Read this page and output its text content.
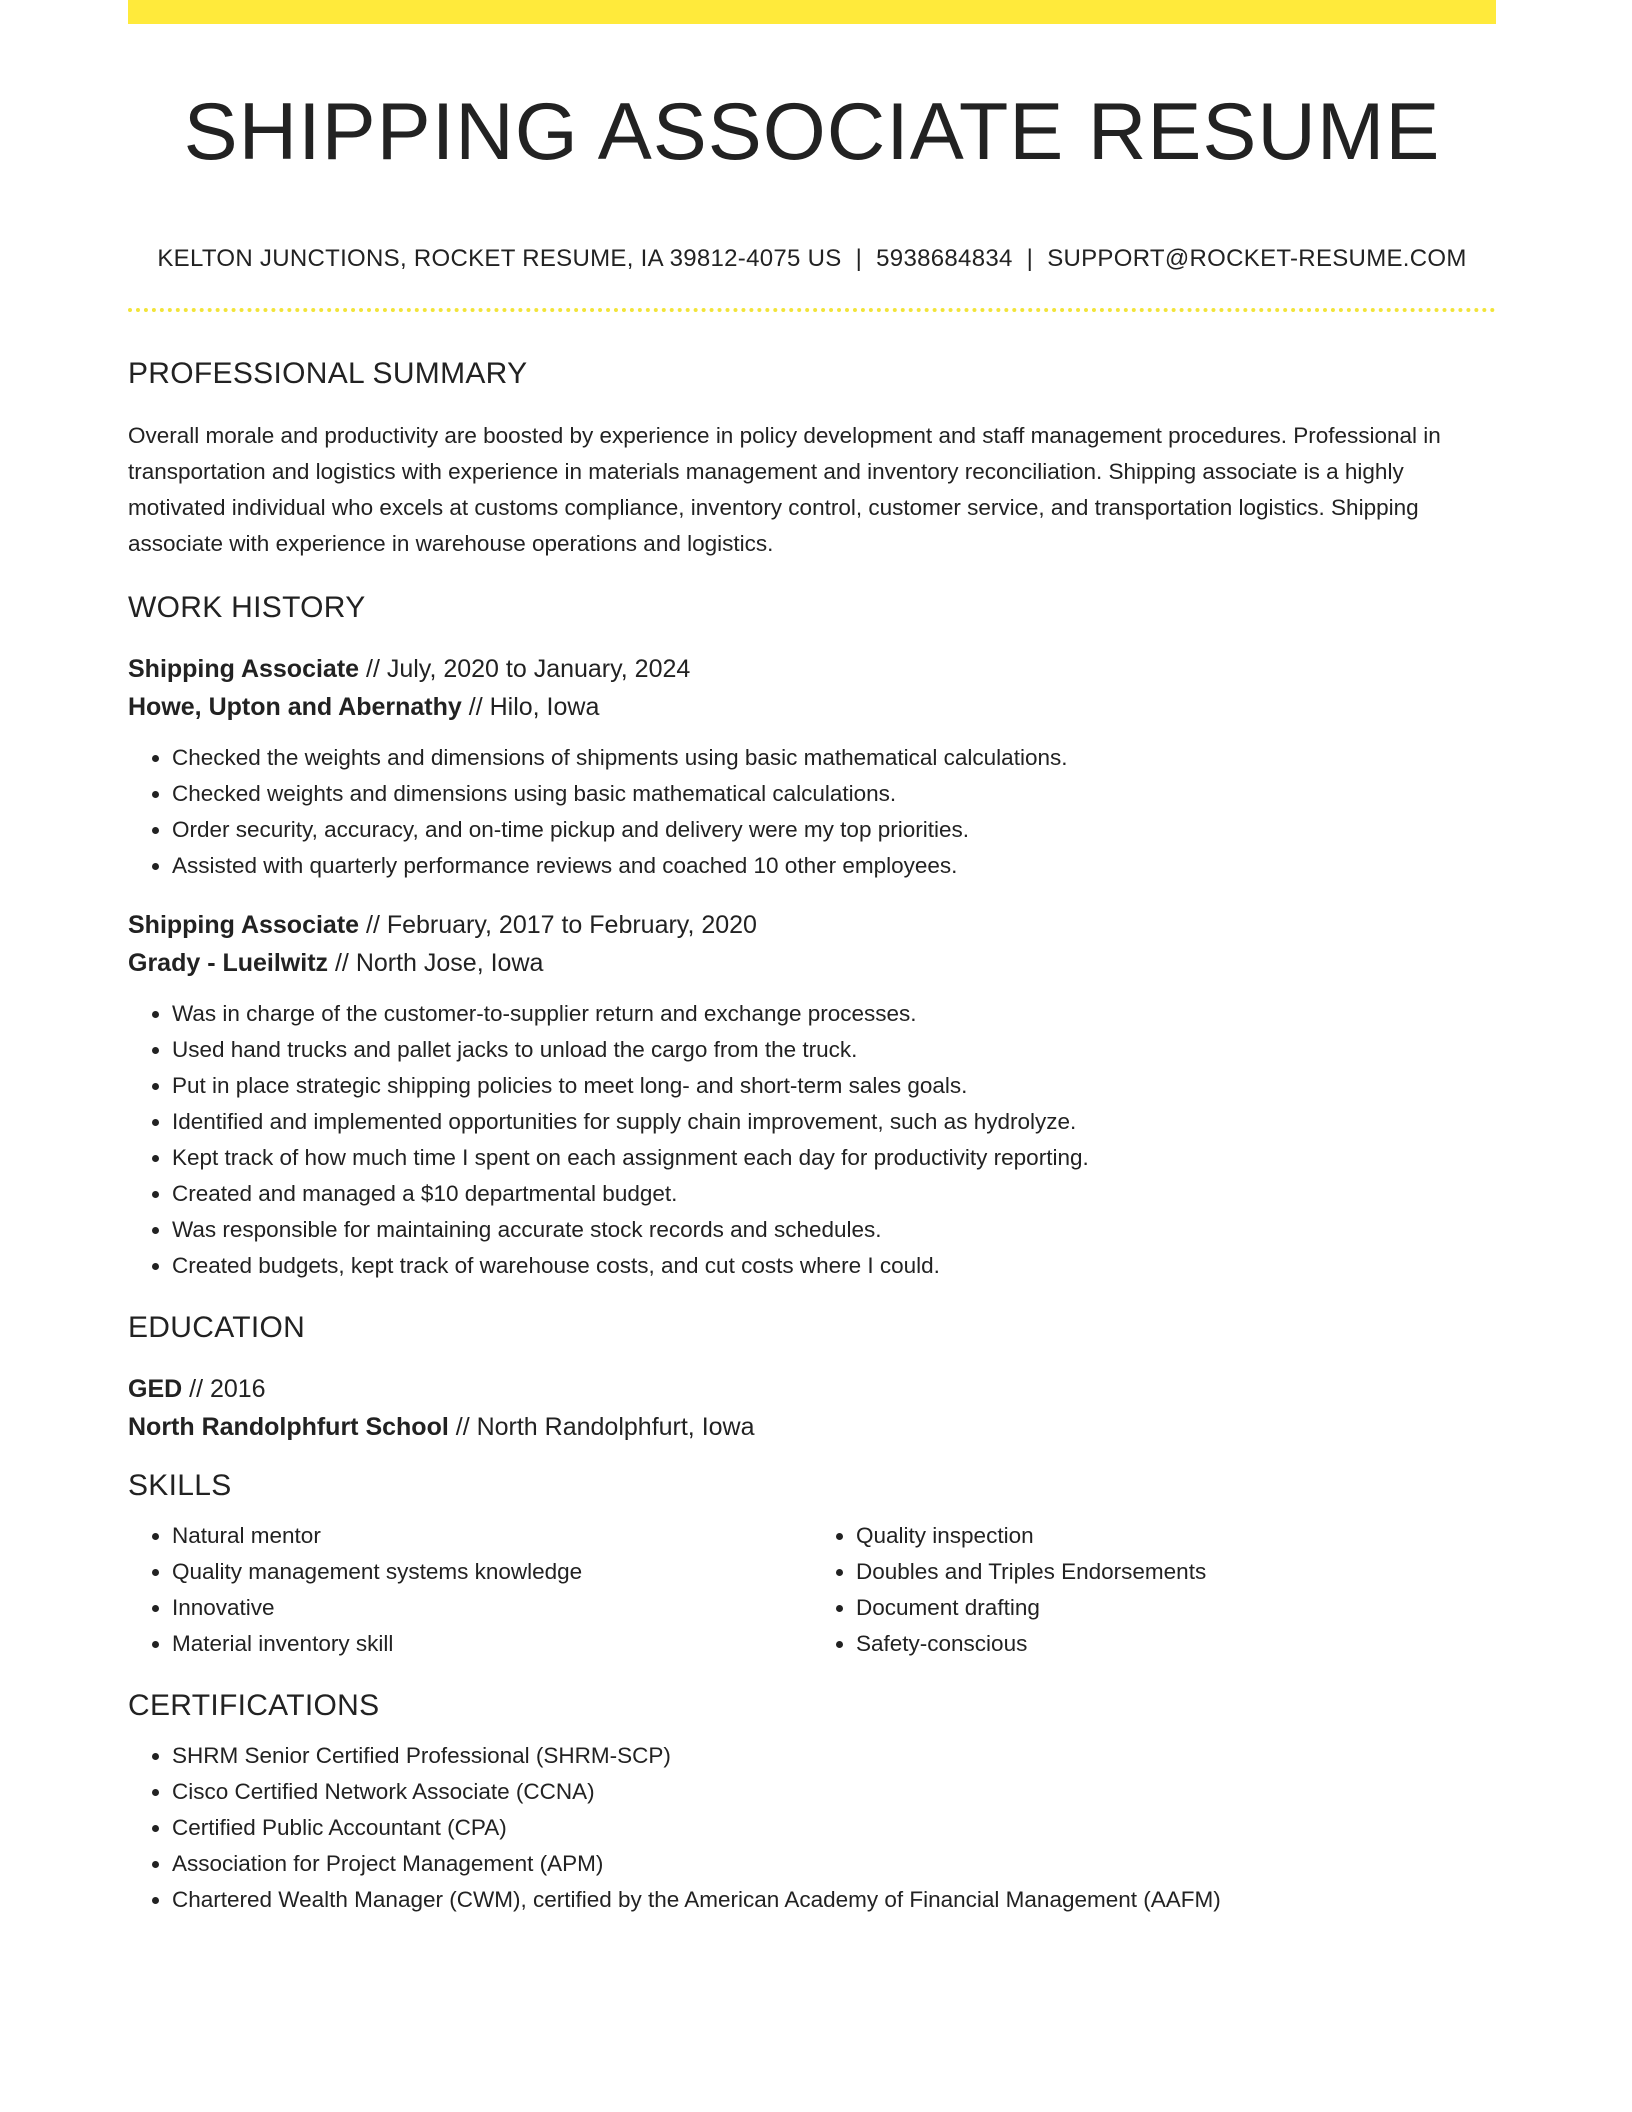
SHIPPING ASSOCIATE RESUME
KELTON JUNCTIONS, ROCKET RESUME, IA 39812-4075 US | 5938684834 | SUPPORT@ROCKET-RESUME.COM
PROFESSIONAL SUMMARY
Overall morale and productivity are boosted by experience in policy development and staff management procedures. Professional in transportation and logistics with experience in materials management and inventory reconciliation. Shipping associate is a highly motivated individual who excels at customs compliance, inventory control, customer service, and transportation logistics. Shipping associate with experience in warehouse operations and logistics.
WORK HISTORY
Shipping Associate // July, 2020 to January, 2024
Howe, Upton and Abernathy // Hilo, Iowa
• Checked the weights and dimensions of shipments using basic mathematical calculations.
• Checked weights and dimensions using basic mathematical calculations.
• Order security, accuracy, and on-time pickup and delivery were my top priorities.
• Assisted with quarterly performance reviews and coached 10 other employees.
Shipping Associate // February, 2017 to February, 2020
Grady - Lueilwitz // North Jose, Iowa
• Was in charge of the customer-to-supplier return and exchange processes.
• Used hand trucks and pallet jacks to unload the cargo from the truck.
• Put in place strategic shipping policies to meet long- and short-term sales goals.
• Identified and implemented opportunities for supply chain improvement, such as hydrolyze.
• Kept track of how much time I spent on each assignment each day for productivity reporting.
• Created and managed a $10 departmental budget.
• Was responsible for maintaining accurate stock records and schedules.
• Created budgets, kept track of warehouse costs, and cut costs where I could.
EDUCATION
GED // 2016
North Randolphfurt School // North Randolphfurt, Iowa
SKILLS
• Natural mentor
• Quality management systems knowledge
• Innovative
• Material inventory skill
• Quality inspection
• Doubles and Triples Endorsements
• Document drafting
• Safety-conscious
CERTIFICATIONS
• SHRM Senior Certified Professional (SHRM-SCP)
• Cisco Certified Network Associate (CCNA)
• Certified Public Accountant (CPA)
• Association for Project Management (APM)
• Chartered Wealth Manager (CWM), certified by the American Academy of Financial Management (AAFM)
